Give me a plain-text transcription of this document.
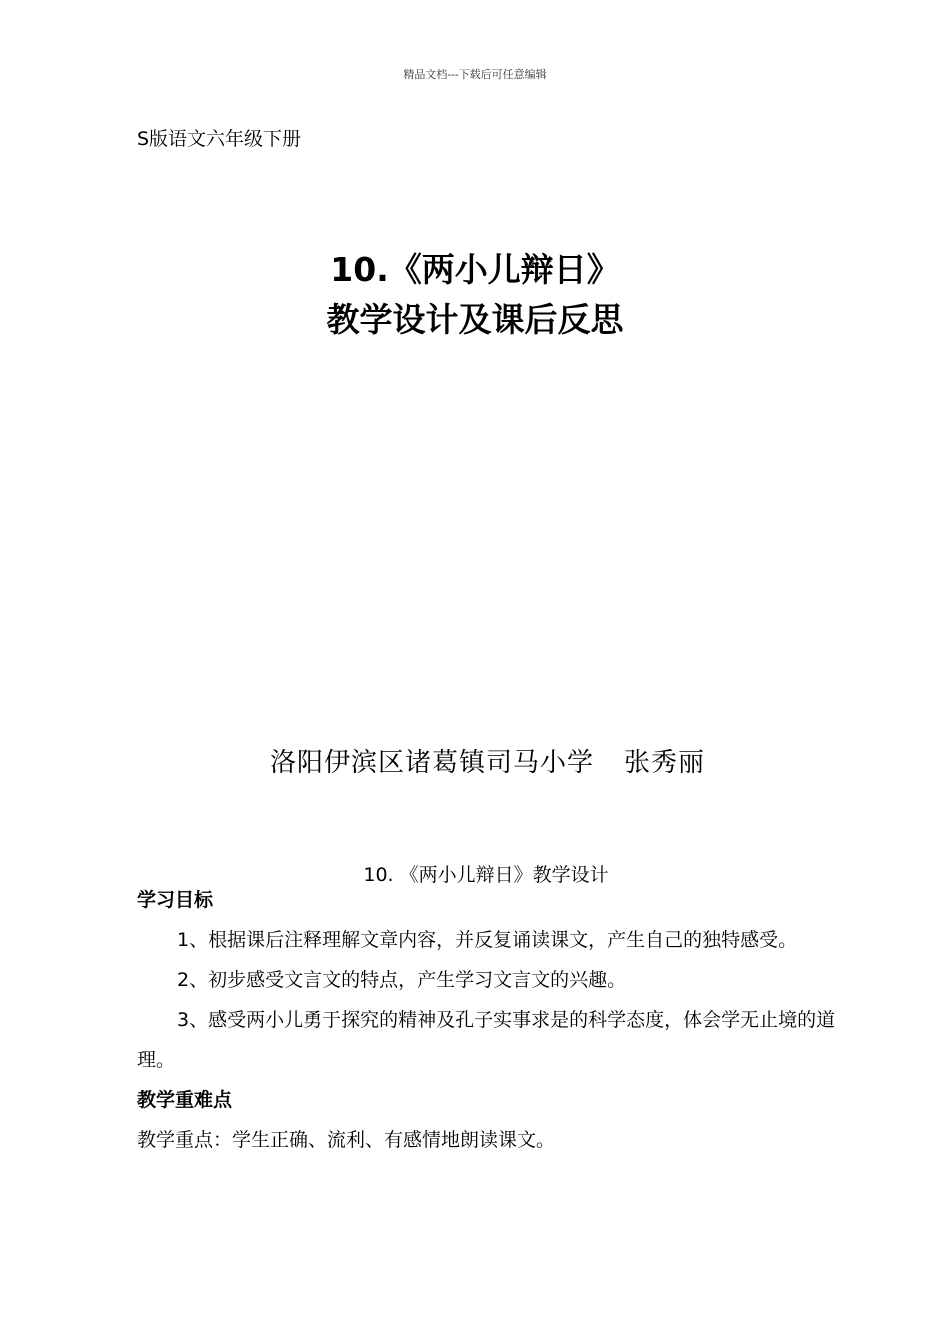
精品文档---下载后可任意编辑
S版语文六年级下册
10.《两小儿辩日》
教学设计及课后反思
洛阳伊滨区诸葛镇司马小学 张秀丽
10. 《两小儿辩日》教学设计
学习目标
1、根据课后注释理解文章内容，并反复诵读课文，产生自己的独特感受。
2、初步感受文言文的特点，产生学习文言文的兴趣。
3、感受两小儿勇于探究的精神及孔子实事求是的科学态度，体会学无止境的道理。
教学重难点
教学重点：学生正确、流利、有感情地朗读课文。
